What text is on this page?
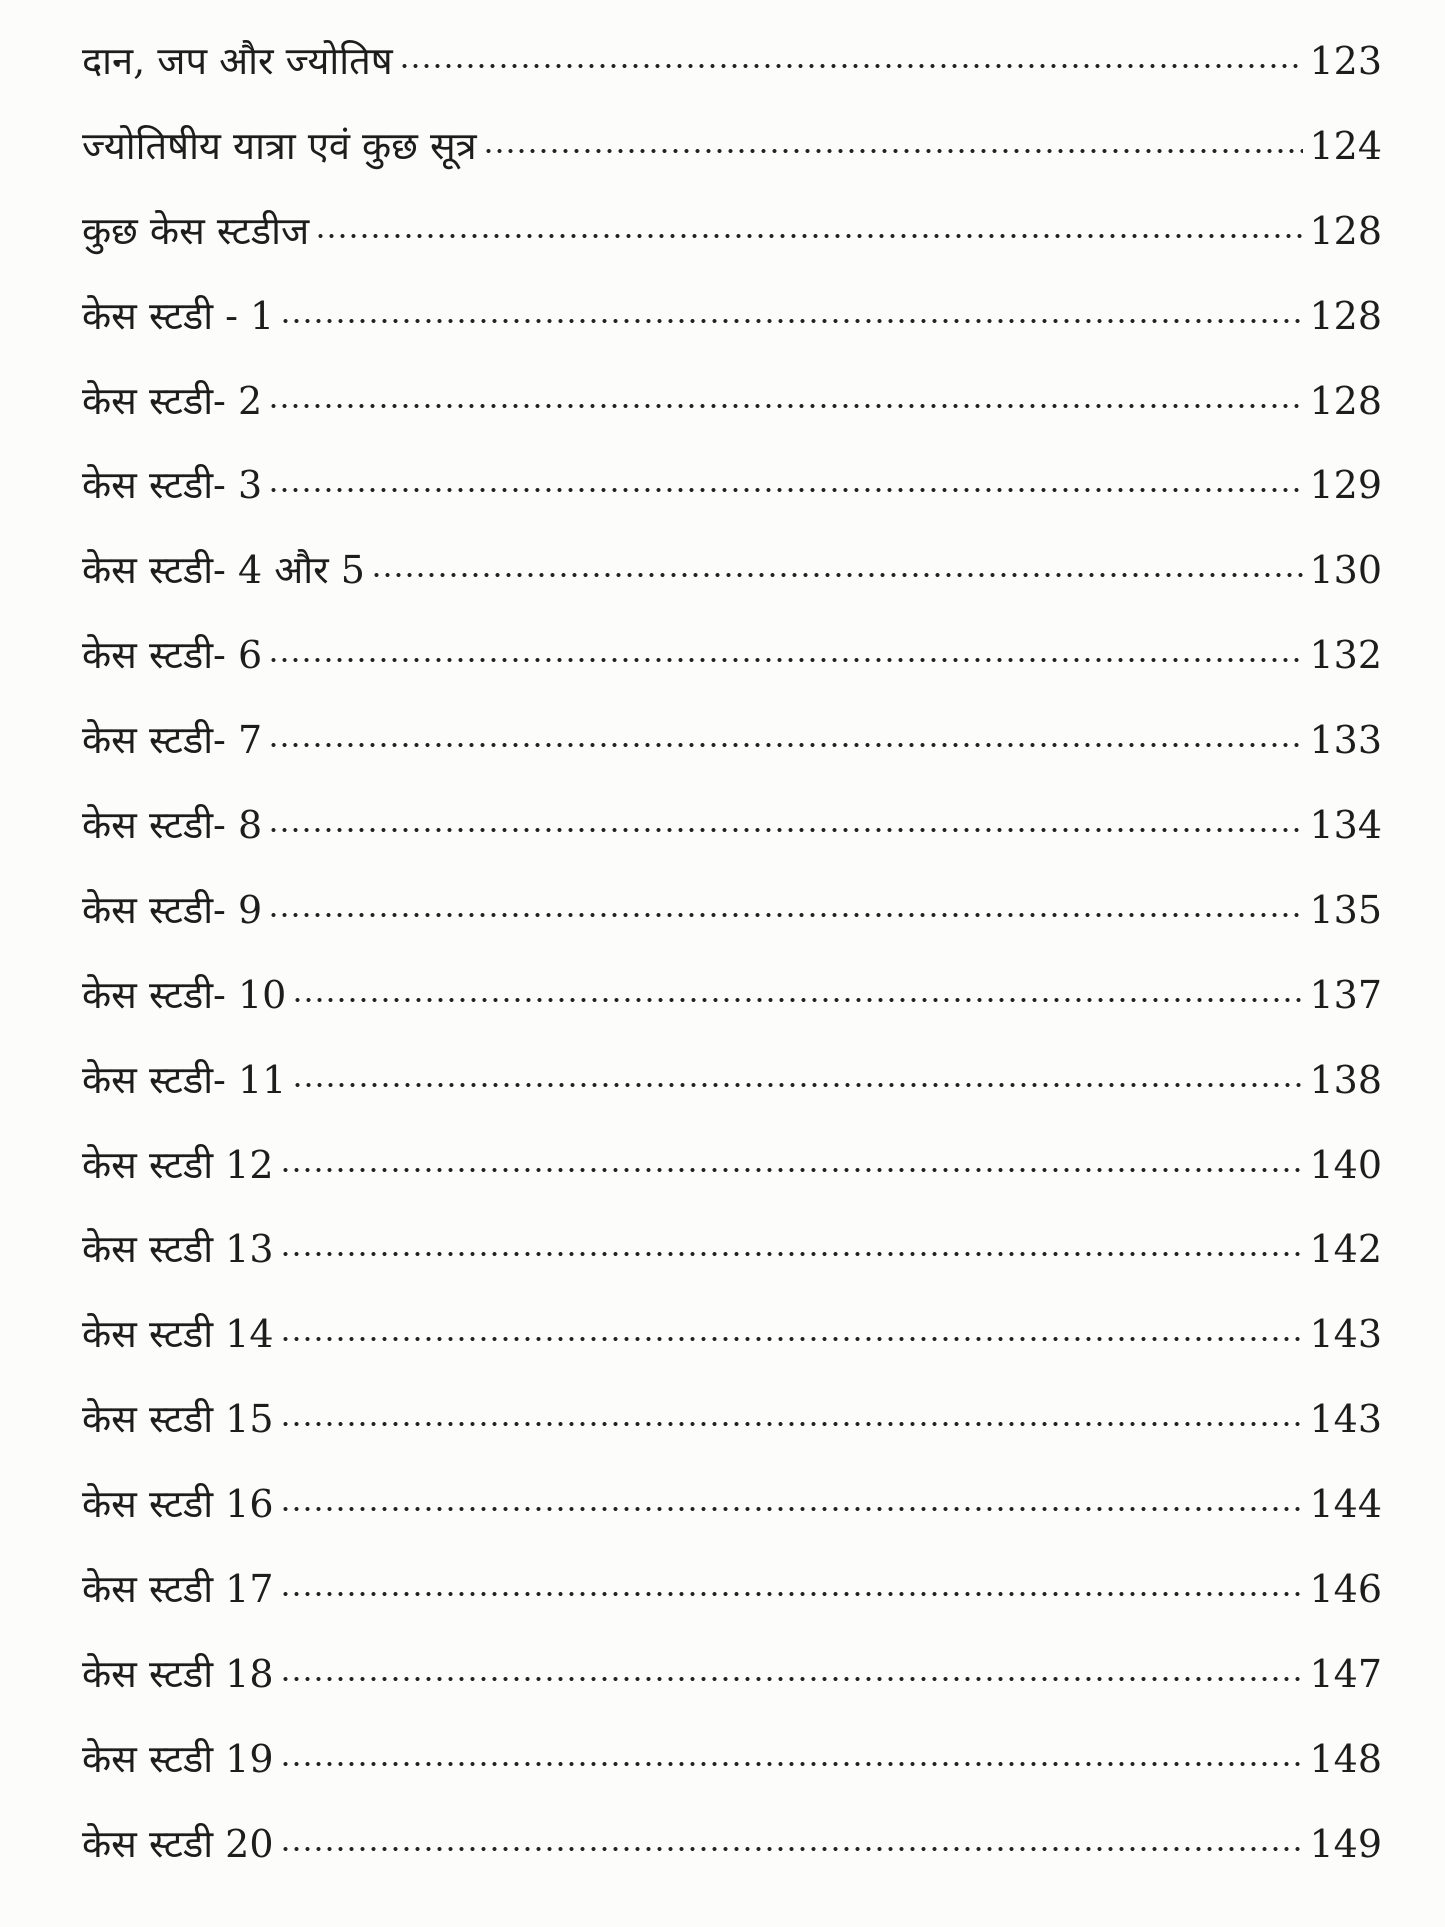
दान, जप और ज्योतिष	123
ज्योतिषीय यात्रा एवं कुछ सूत्र	124
कुछ केस स्टडीज	128
केस स्टडी - 1	128
केस स्टडी- 2	128
केस स्टडी- 3	129
केस स्टडी- 4 और 5	130
केस स्टडी- 6	132
केस स्टडी- 7	133
केस स्टडी- 8	134
केस स्टडी- 9	135
केस स्टडी- 10	137
केस स्टडी- 11	138
केस स्टडी 12	140
केस स्टडी 13	142
केस स्टडी 14	143
केस स्टडी 15	143
केस स्टडी 16	144
केस स्टडी 17	146
केस स्टडी 18	147
केस स्टडी 19	148
केस स्टडी 20	149
